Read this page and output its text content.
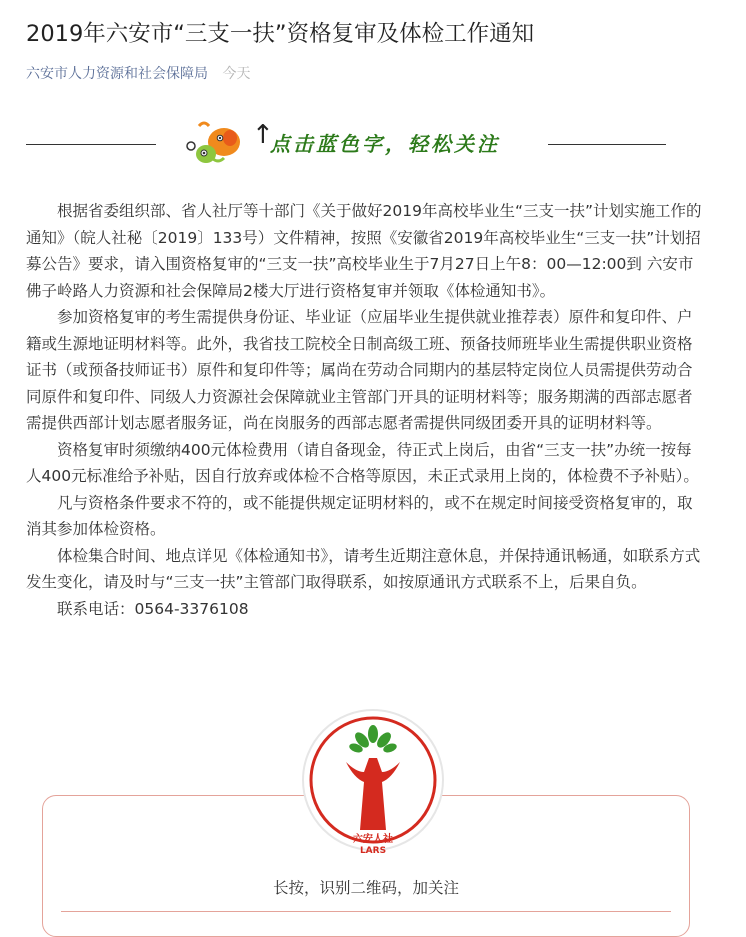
2019年六安市“三支一扶”资格复审及体检工作通知
六安市人力资源和社会保障局 今天
↑
点击蓝色字，轻松关注

根据省委组织部、省人社厅等十部门《关于做好2019年高校毕业生“三支一扶”计划实施工作的通知》（皖人社秘〔2019〕133号）文件精神，按照《安徽省2019年高校毕业生“三支一扶”计划招募公告》要求，请入围资格复审的“三支一扶”高校毕业生于7月27日上午8：00—12:00到 六安市佛子岭路人力资源和社会保障局2楼大厅进行资格复审并领取《体检通知书》。

参加资格复审的考生需提供身份证、毕业证（应届毕业生提供就业推荐表）原件和复印件、户籍或生源地证明材料等。此外，我省技工院校全日制高级工班、预备技师班毕业生需提供职业资格证书（或预备技师证书）原件和复印件等；属尚在劳动合同期内的基层特定岗位人员需提供劳动合同原件和复印件、同级人力资源社会保障就业主管部门开具的证明材料等；服务期满的西部志愿者需提供西部计划志愿者服务证，尚在岗服务的西部志愿者需提供同级团委开具的证明材料等。

资格复审时须缴纳400元体检费用（请自备现金，待正式上岗后，由省“三支一扶”办统一按每人400元标准给予补贴，因自行放弃或体检不合格等原因，未正式录用上岗的，体检费不予补贴）。

凡与资格条件要求不符的，或不能提供规定证明材料的，或不在规定时间接受资格复审的，取消其参加体检资格。

体检集合时间、地点详见《体检通知书》，请考生近期注意休息，并保持通讯畅通，如联系方式发生变化，请及时与“三支一扶”主管部门取得联系，如按原通讯方式联系不上，后果自负。

联系电话：0564-3376108

长按，识别二维码，加关注
六安人社
LARS
